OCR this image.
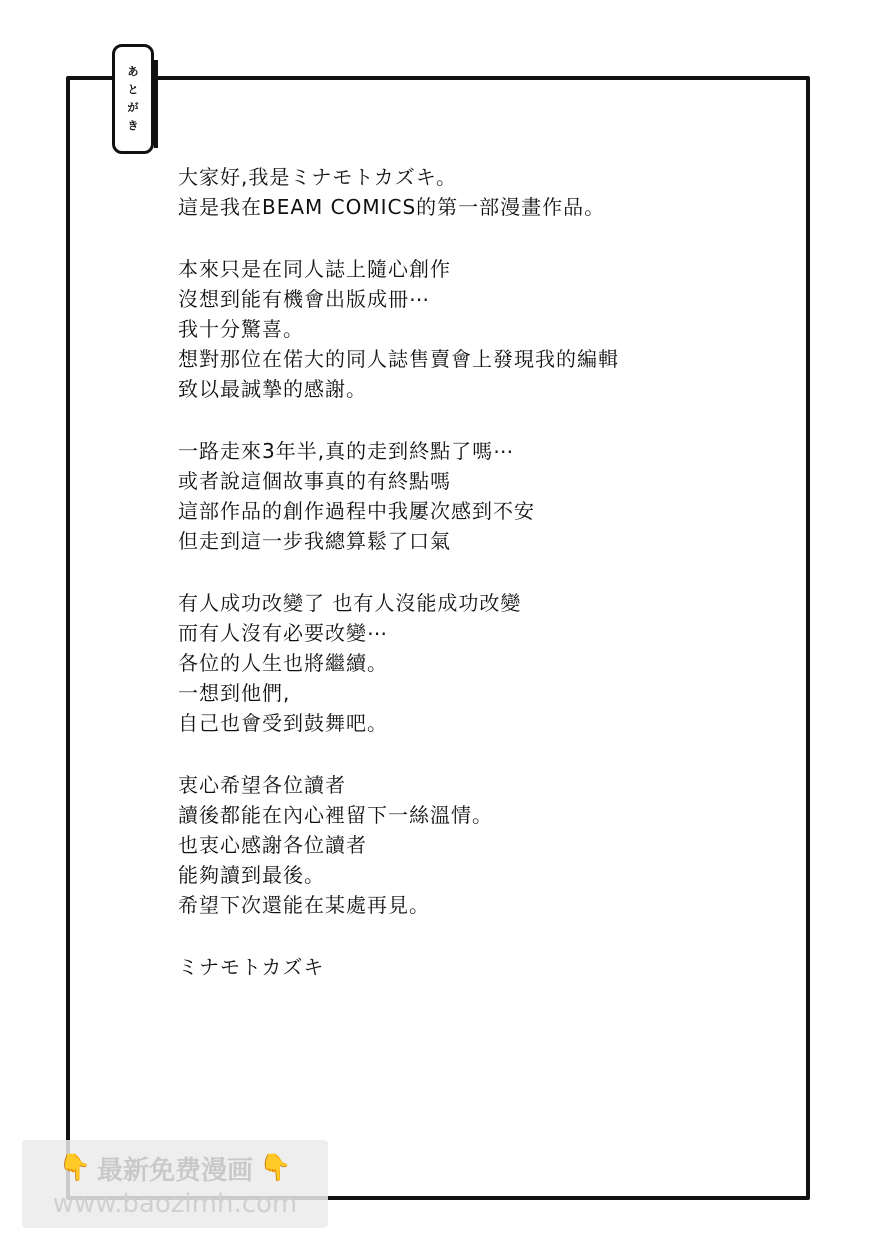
あ
と
が
き
大家好,我是ミナモトカズキ。
這是我在BEAM COMICS的第一部漫畫作品。
本來只是在同人誌上隨心創作
沒想到能有機會出版成冊⋯
我十分驚喜。
想對那位在偌大的同人誌售賣會上發現我的編輯
致以最誠摯的感謝。
一路走來3年半,真的走到終點了嗎⋯
或者說這個故事真的有終點嗎
這部作品的創作過程中我屢次感到不安
但走到這一步我總算鬆了口氣
有人成功改變了 也有人沒能成功改變
而有人沒有必要改變⋯
各位的人生也將繼續。
一想到他們,
自己也會受到鼓舞吧。
衷心希望各位讀者
讀後都能在內心裡留下一絲溫情。
也衷心感謝各位讀者
能夠讀到最後。
希望下次還能在某處再見。
ミナモトカズキ
👇 最新免费漫画 👇
www.baozimh.com
